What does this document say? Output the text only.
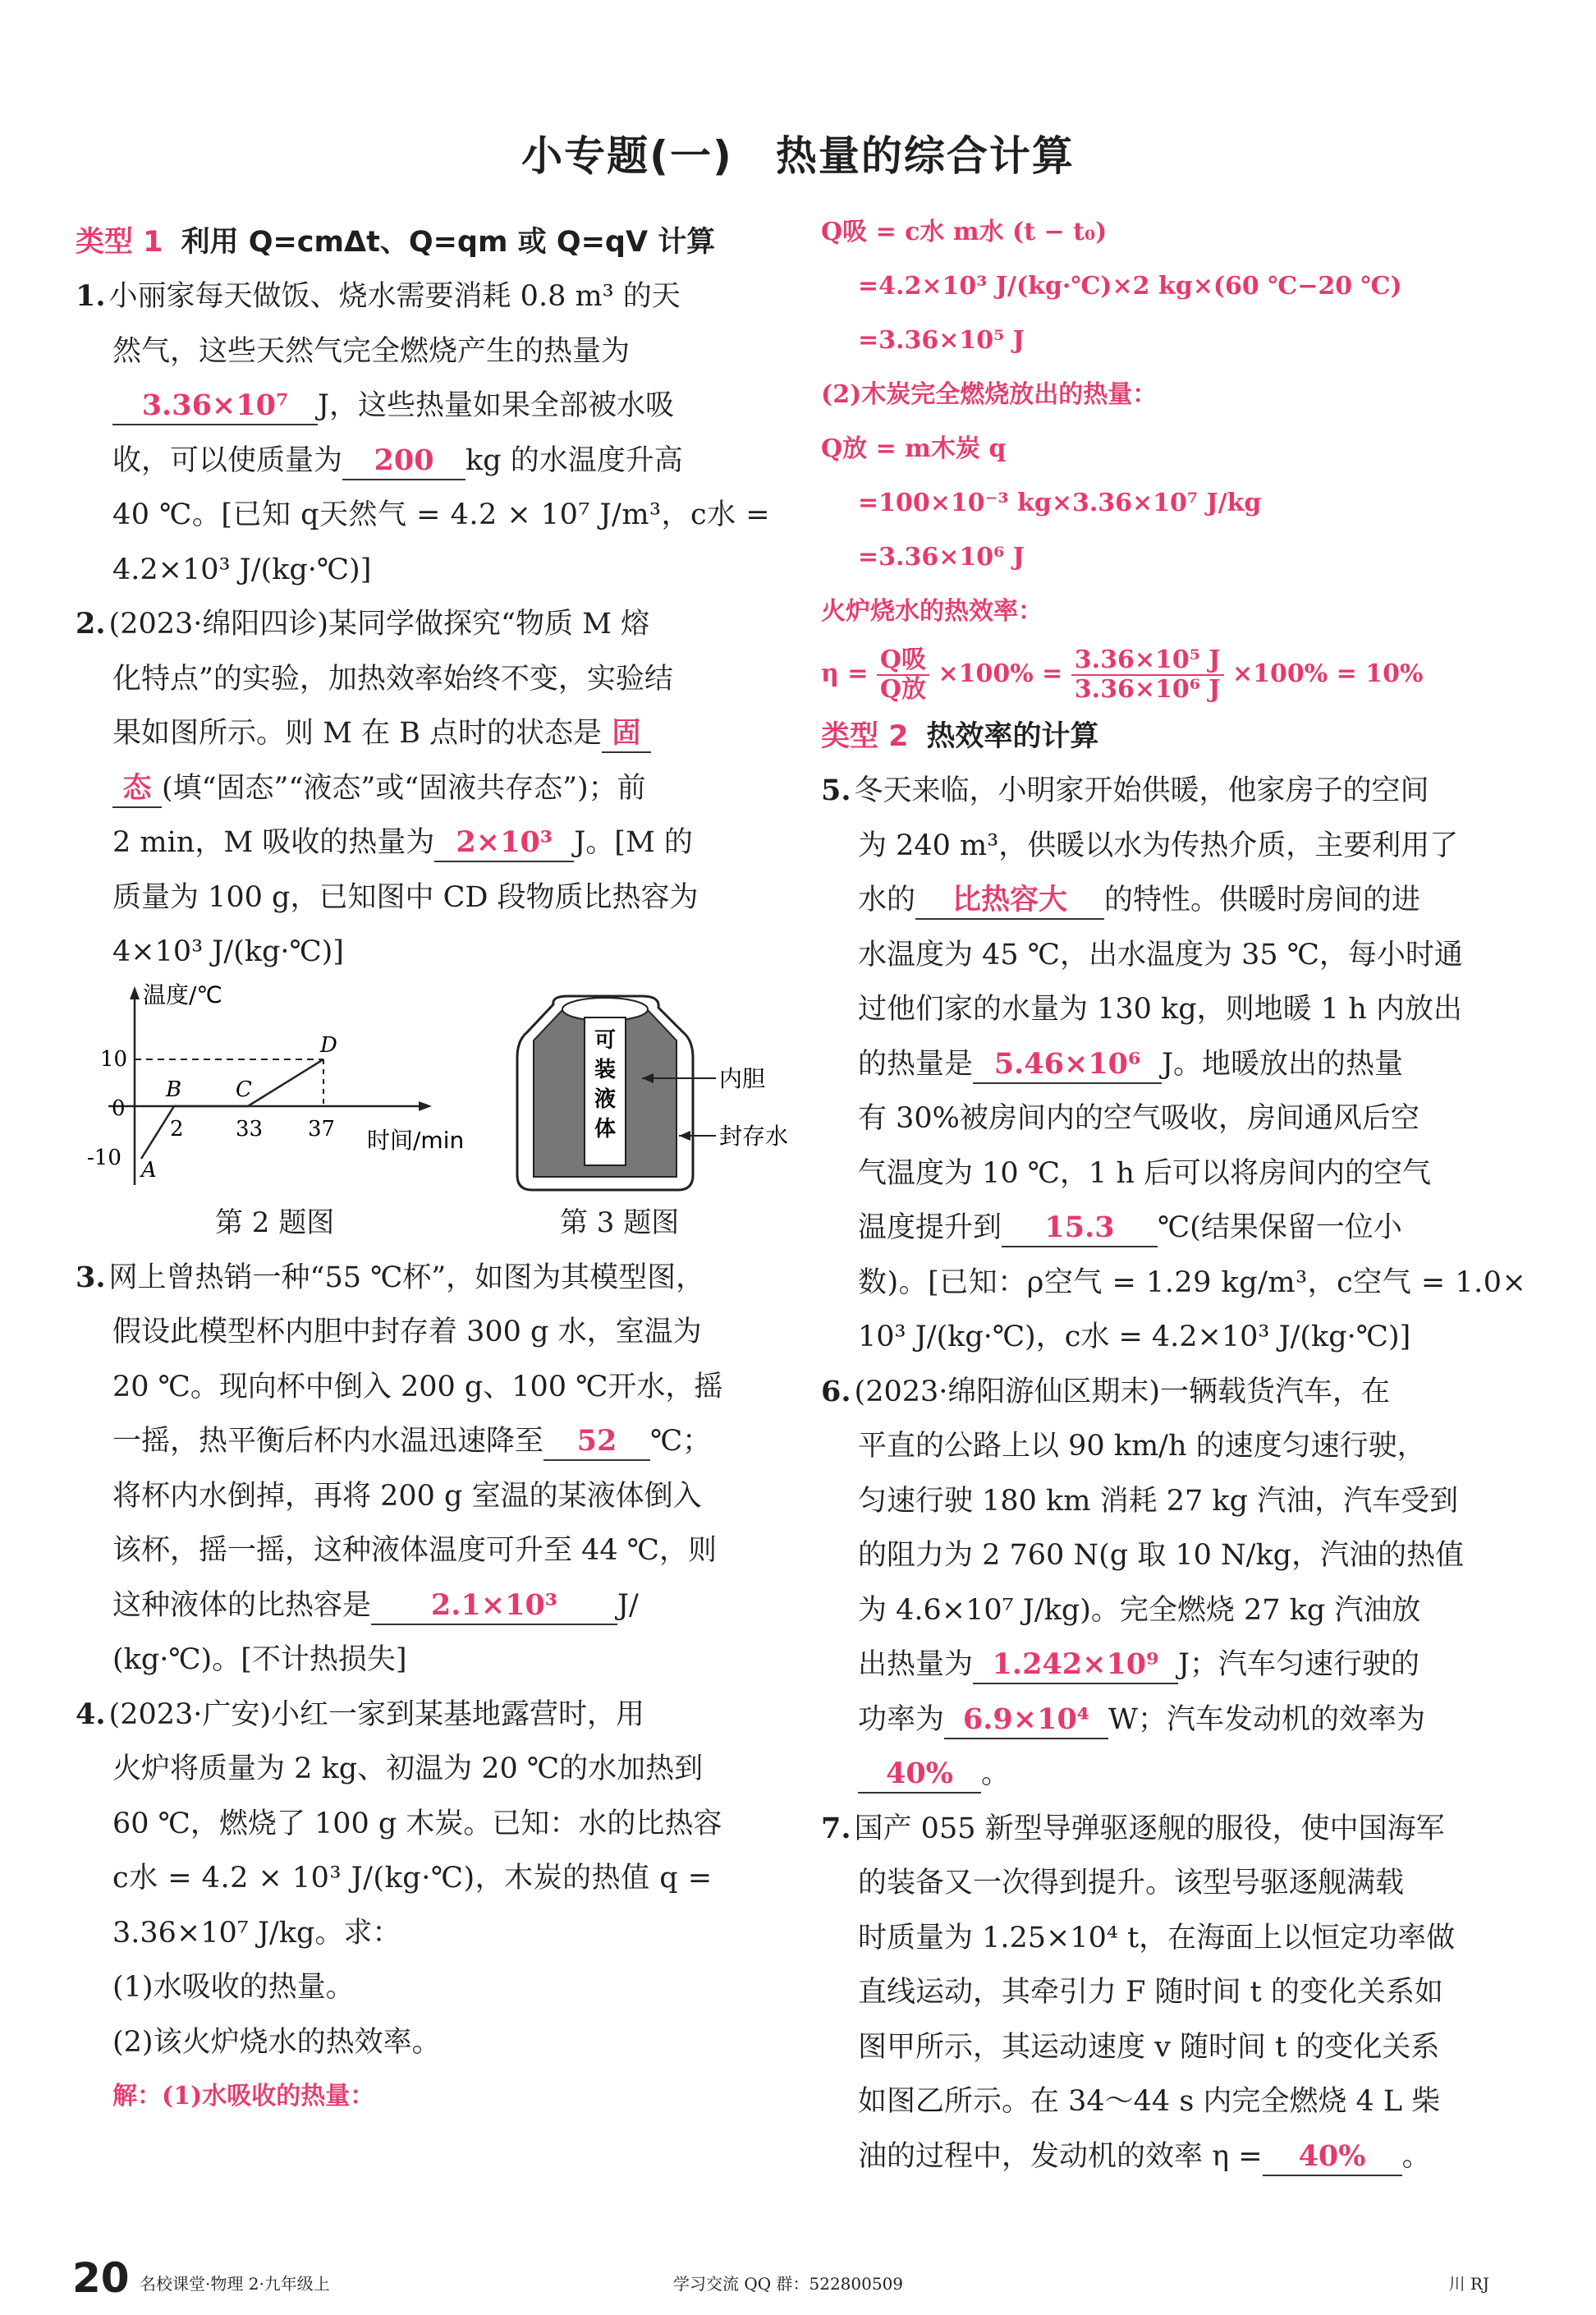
小专题(一)　热量的综合计算
类型 1 利用 Q=cmΔt、Q=qm 或 Q=qV 计算
1. 小丽家每天做饭、烧水需要消耗 0.8 m³ 的天
然气，这些天然气完全燃烧产生的热量为
3.36×10⁷ J，这些热量如果全部被水吸
收，可以使质量为 200 kg 的水温度升高
40 ℃。[已知 q天然气 = 4.2 × 10⁷ J/m³，c水 =
4.2×10³ J/(kg·℃)]
2. (2023·绵阳四诊)某同学做探究“物质 M 熔
化特点”的实验，加热效率始终不变，实验结
果如图所示。则 M 在 B 点时的状态是 固
态 (填“固态”“液态”或“固液共存态”)；前
2 min，M 吸收的热量为 2×10³ J。[M 的
质量为 100 g，已知图中 CD 段物质比热容为
4×10³ J/(kg·℃)]
温度/℃
时间/min
10
0
-10
2 33 37
A
B	C
D	可装液体
内胆
封存水
第 2 题图	第 3 题图
3. 网上曾热销一种“55 ℃杯”，如图为其模型图，
假设此模型杯内胆中封存着 300 g 水，室温为
20 ℃。现向杯中倒入 200 g、100 ℃开水，摇
一摇，热平衡后杯内水温迅速降至 52 ℃；
将杯内水倒掉，再将 200 g 室温的某液体倒入
该杯，摇一摇，这种液体温度可升至 44 ℃，则
这种液体的比热容是 2.1×10³ J/
(kg·℃)。[不计热损失]
4. (2023·广安)小红一家到某基地露营时，用
火炉将质量为 2 kg、初温为 20 ℃的水加热到
60 ℃，燃烧了 100 g 木炭。已知：水的比热容
c水 = 4.2 × 10³ J/(kg·℃)，木炭的热值 q =
3.36×10⁷ J/kg。求：
(1)水吸收的热量。
(2)该火炉烧水的热效率。
解：(1)水吸收的热量：
Q吸 = c水 m水 (t − t₀)
=4.2×10³ J/(kg·℃)×2 kg×(60 ℃−20 ℃)
=3.36×10⁵ J
(2)木炭完全燃烧放出的热量：
Q放 = m木炭 q
=100×10⁻³ kg×3.36×10⁷ J/kg
=3.36×10⁶ J
火炉烧水的热效率：
$\eta = \frac{\text{Q吸}}{\text{Q放}} \times 100\% = \frac{\text{3.36×10⁵ J}}{\text{3.36×10⁶ J}} \times 100\% = 10\%$
类型 2 热效率的计算
5. 冬天来临，小明家开始供暖，他家房子的空间
为 240 m³，供暖以水为传热介质，主要利用了
水的 比热容大 的特性。供暖时房间的进
水温度为 45 ℃，出水温度为 35 ℃，每小时通
过他们家的水量为 130 kg，则地暖 1 h 内放出
的热量是 5.46×10⁶ J。地暖放出的热量
有 30%被房间内的空气吸收，房间通风后空
气温度为 10 ℃，1 h 后可以将房间内的空气
温度提升到 15.3 ℃(结果保留一位小
数)。[已知：ρ空气 = 1.29 kg/m³，c空气 = 1.0×
10³ J/(kg·℃)，c水 = 4.2×10³ J/(kg·℃)]
6. (2023·绵阳游仙区期末)一辆载货汽车，在
平直的公路上以 90 km/h 的速度匀速行驶，
匀速行驶 180 km 消耗 27 kg 汽油，汽车受到
的阻力为 2 760 N(g 取 10 N/kg，汽油的热值
为 4.6×10⁷ J/kg)。完全燃烧 27 kg 汽油放
出热量为 1.242×10⁹ J；汽车匀速行驶的
功率为 6.9×10⁴ W；汽车发动机的效率为
40% 。
7. 国产 055 新型导弹驱逐舰的服役，使中国海军
的装备又一次得到提升。该型号驱逐舰满载
时质量为 1.25×10⁴ t，在海面上以恒定功率做
直线运动，其牵引力 F 随时间 t 的变化关系如
图甲所示，其运动速度 v 随时间 t 的变化关系
如图乙所示。在 34～44 s 内完全燃烧 4 L 柴
油的过程中，发动机的效率 η = 40% 。
20 名校课堂·物理 2·九年级上	学习交流 QQ 群：522800509	川 RJ
